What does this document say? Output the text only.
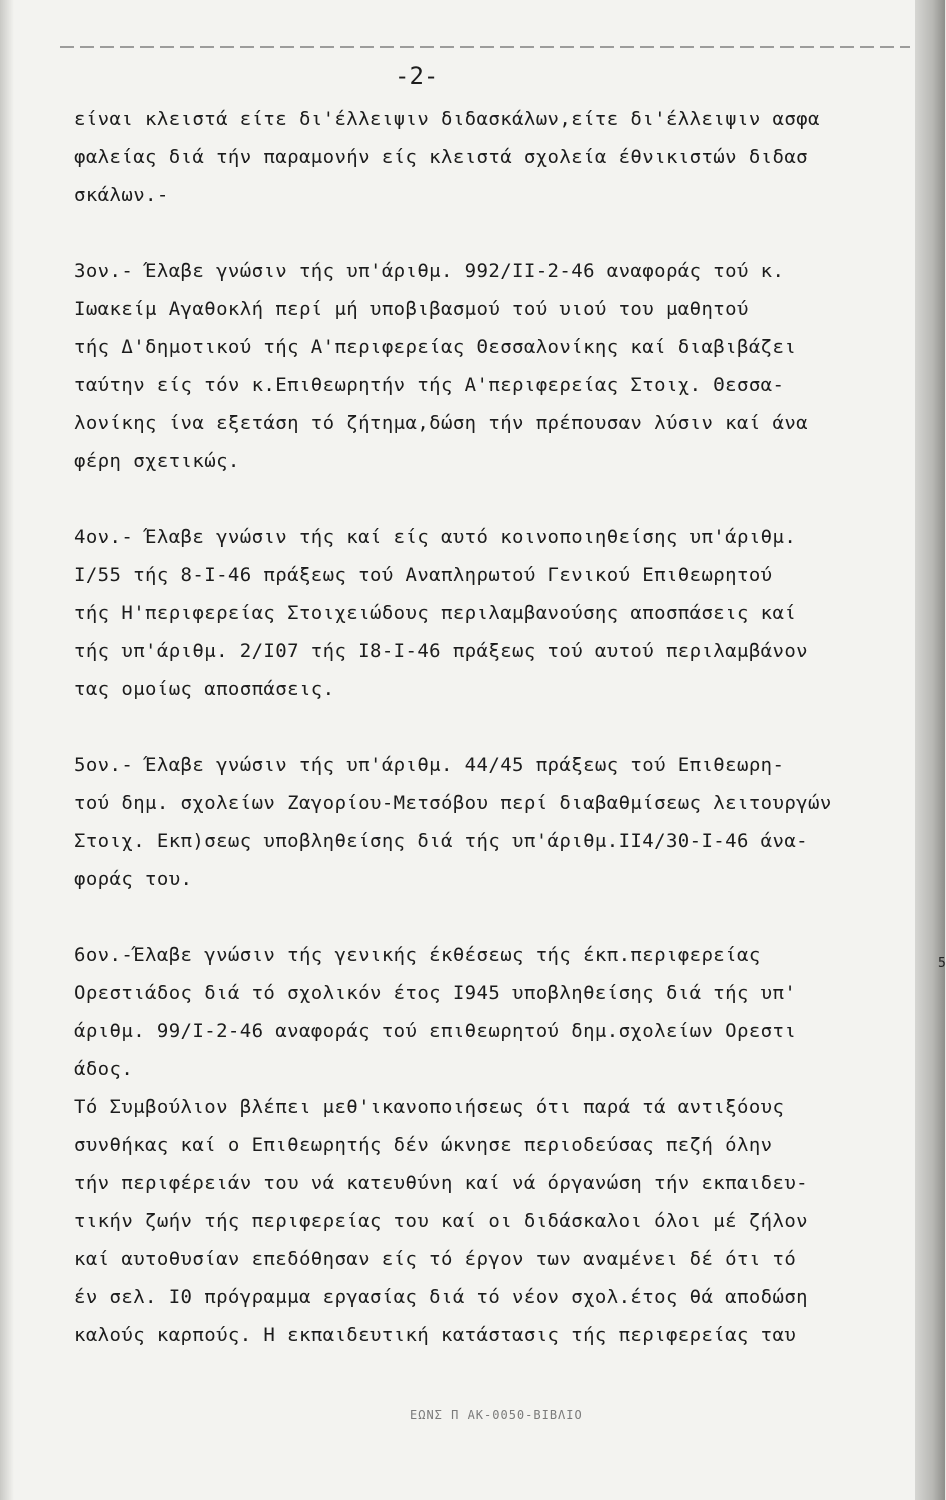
-2-
είναι κλειστά είτε δι'έλλειψιν διδασκάλων,είτε δι'έλλειψιν ασφα
φαλείας διά τήν παραμονήν είς κλειστά σχολεία έθνικιστών διδασ
σκάλων.-
3ον.- Έλαβε γνώσιν τής υπ'άριθμ. 992/II-2-46 αναφοράς τού κ.
Ιωακείμ Αγαθοκλή περί μή υποβιβασμού τού υιού του μαθητού
τής Δ'δημοτικού τής Α'περιφερείας Θεσσαλονίκης καί διαβιβάζει
ταύτην είς τόν κ.Επιθεωρητήν τής Α'περιφερείας Στοιχ. Θεσσα-
λονίκης ίνα εξετάση τό ζήτημα,δώση τήν πρέπουσαν λύσιν καί άνα
φέρη σχετικώς.
4ον.- Έλαβε γνώσιν τής καί είς αυτό κοινοποιηθείσης υπ'άριθμ.
I/55 τής 8-I-46 πράξεως τού Αναπληρωτού Γενικού Επιθεωρητού
τής Η'περιφερείας Στοιχειώδους περιλαμβανούσης αποσπάσεις καί
τής υπ'άριθμ. 2/I07 τής I8-I-46 πράξεως τού αυτού περιλαμβάνον
τας ομοίως αποσπάσεις.
5ον.- Έλαβε γνώσιν τής υπ'άριθμ. 44/45 πράξεως τού Επιθεωρη-
τού δημ. σχολείων Ζαγορίου-Μετσόβου περί διαβαθμίσεως λειτουργών
Στοιχ. Εκπ)σεως υποβληθείσης διά τής υπ'άριθμ.II4/30-I-46 άνα-
φοράς του.
6ον.-Έλαβε γνώσιν τής γενικής έκθέσεως τής έκπ.περιφερείας
Ορεστιάδος διά τό σχολικόν έτος I945 υποβληθείσης διά τής υπ'
άριθμ. 99/I-2-46 αναφοράς τού επιθεωρητού δημ.σχολείων Ορεστι
άδος.
Τό Συμβούλιον βλέπει μεθ'ικανοποιήσεως ότι παρά τά αντιξόους
συνθήκας καί ο Επιθεωρητής δέν ώκνησε περιοδεύσας πεζή όλην
τήν περιφέρειάν του νά κατευθύνη καί νά όργανώση τήν εκπαιδευ-
τικήν ζωήν τής περιφερείας του καί οι διδάσκαλοι όλοι μέ ζήλον
καί αυτοθυσίαν επεδόθησαν είς τό έργον των αναμένει δέ ότι τό
έν σελ. I0 πρόγραμμα εργασίας διά τό νέον σχολ.έτος θά αποδώση
καλούς καρπούς. Η εκπαιδευτική κατάστασις τής περιφερείας ταυ
ΕΩΝΣ Π ΑΚ-0050-ΒΙΒΛΙΟ
5
